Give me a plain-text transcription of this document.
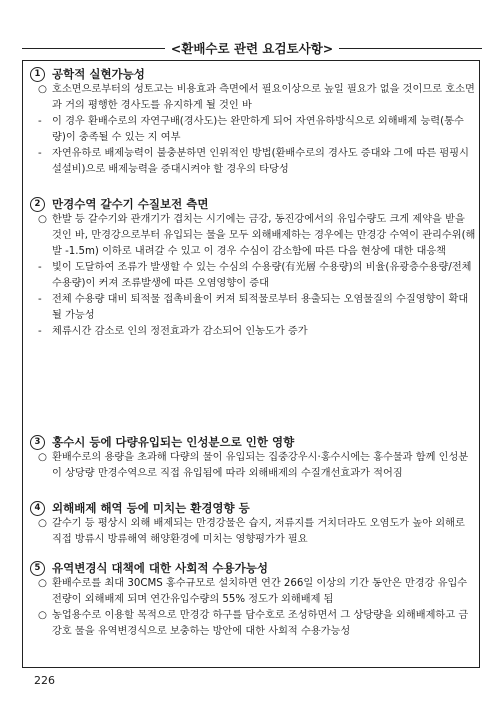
<환배수로 관련 요검토사항>
1	공학적 실현가능성
○ 호소면으로부터의 성토고는 비용효과 측면에서 필요이상으로 높일 필요가 없을 것이므로 호소면과 거의 평행한 경사도를 유지하게 될 것인 바
-	이 경우 환배수로의 자연구배(경사도)는 완만하게 되어 자연유하방식으로 외해배제 능력(통수량)이 충족될 수 있는 지 여부
-	자연유하로 배제능력이 불충분하면 인위적인 방법(환배수로의 경사도 증대와 그에 따른 펌핑시설설비)으로 배제능력을 증대시켜야 할 경우의 타당성
2	만경수역 갈수기 수질보전 측면
○ 한발 등 갈수기와 관개기가 겹치는 시기에는 금강, 동진강에서의 유입수량도 크게 제약을 받을 것인 바, 만경강으로부터 유입되는 물을 모두 외해배제하는 경우에는 만경강 수역이 관리수위(해발 -1.5m) 이하로 내려갈 수 있고 이 경우 수심이 감소함에 따른 다음 현상에 대한 대응책
-	빛이 도달하여 조류가 발생할 수 있는 수심의 수용량(有光層 수용량)의 비율(유광층수용량/전체수용량)이 커져 조류발생에 따른 오염영향이 증대
-	전체 수용량 대비 퇴적물 접촉비율이 커져 퇴적물로부터 용출되는 오염물질의 수질영향이 확대될 가능성
-	체류시간 감소로 인의 정전효과가 감소되어 인농도가 증가
3	홍수시 등에 다량유입되는 인성분으로 인한 영향
○ 환배수로의 용량을 초과해 다량의 물이 유입되는 집중강우시·홍수시에는 홍수물과 함께 인성분이 상당량 만경수역으로 직접 유입됨에 따라 외해배제의 수질개선효과가 적어짐
4	외해배제 해역 등에 미치는 환경영향 등
○ 갈수기 등 평상시 외해 배제되는 만경강물은 습지, 저류지를 거치더라도 오염도가 높아 외해로 직접 방류시 방류해역 해양환경에 미치는 영향평가가 필요
5	유역변경식 대책에 대한 사회적 수용가능성
○ 환배수로를 최대 30CMS 홍수규모로 설치하면 연간 266일 이상의 기간 동안은 만경강 유입수 전량이 외해배제 되며 연간유입수량의 55% 정도가 외해배제 됨
○ 농업용수로 이용할 목적으로 만경강 하구를 담수호로 조성하면서 그 상당량을 외해배제하고 금강호 물을 유역변경식으로 보충하는 방안에 대한 사회적 수용가능성
226
